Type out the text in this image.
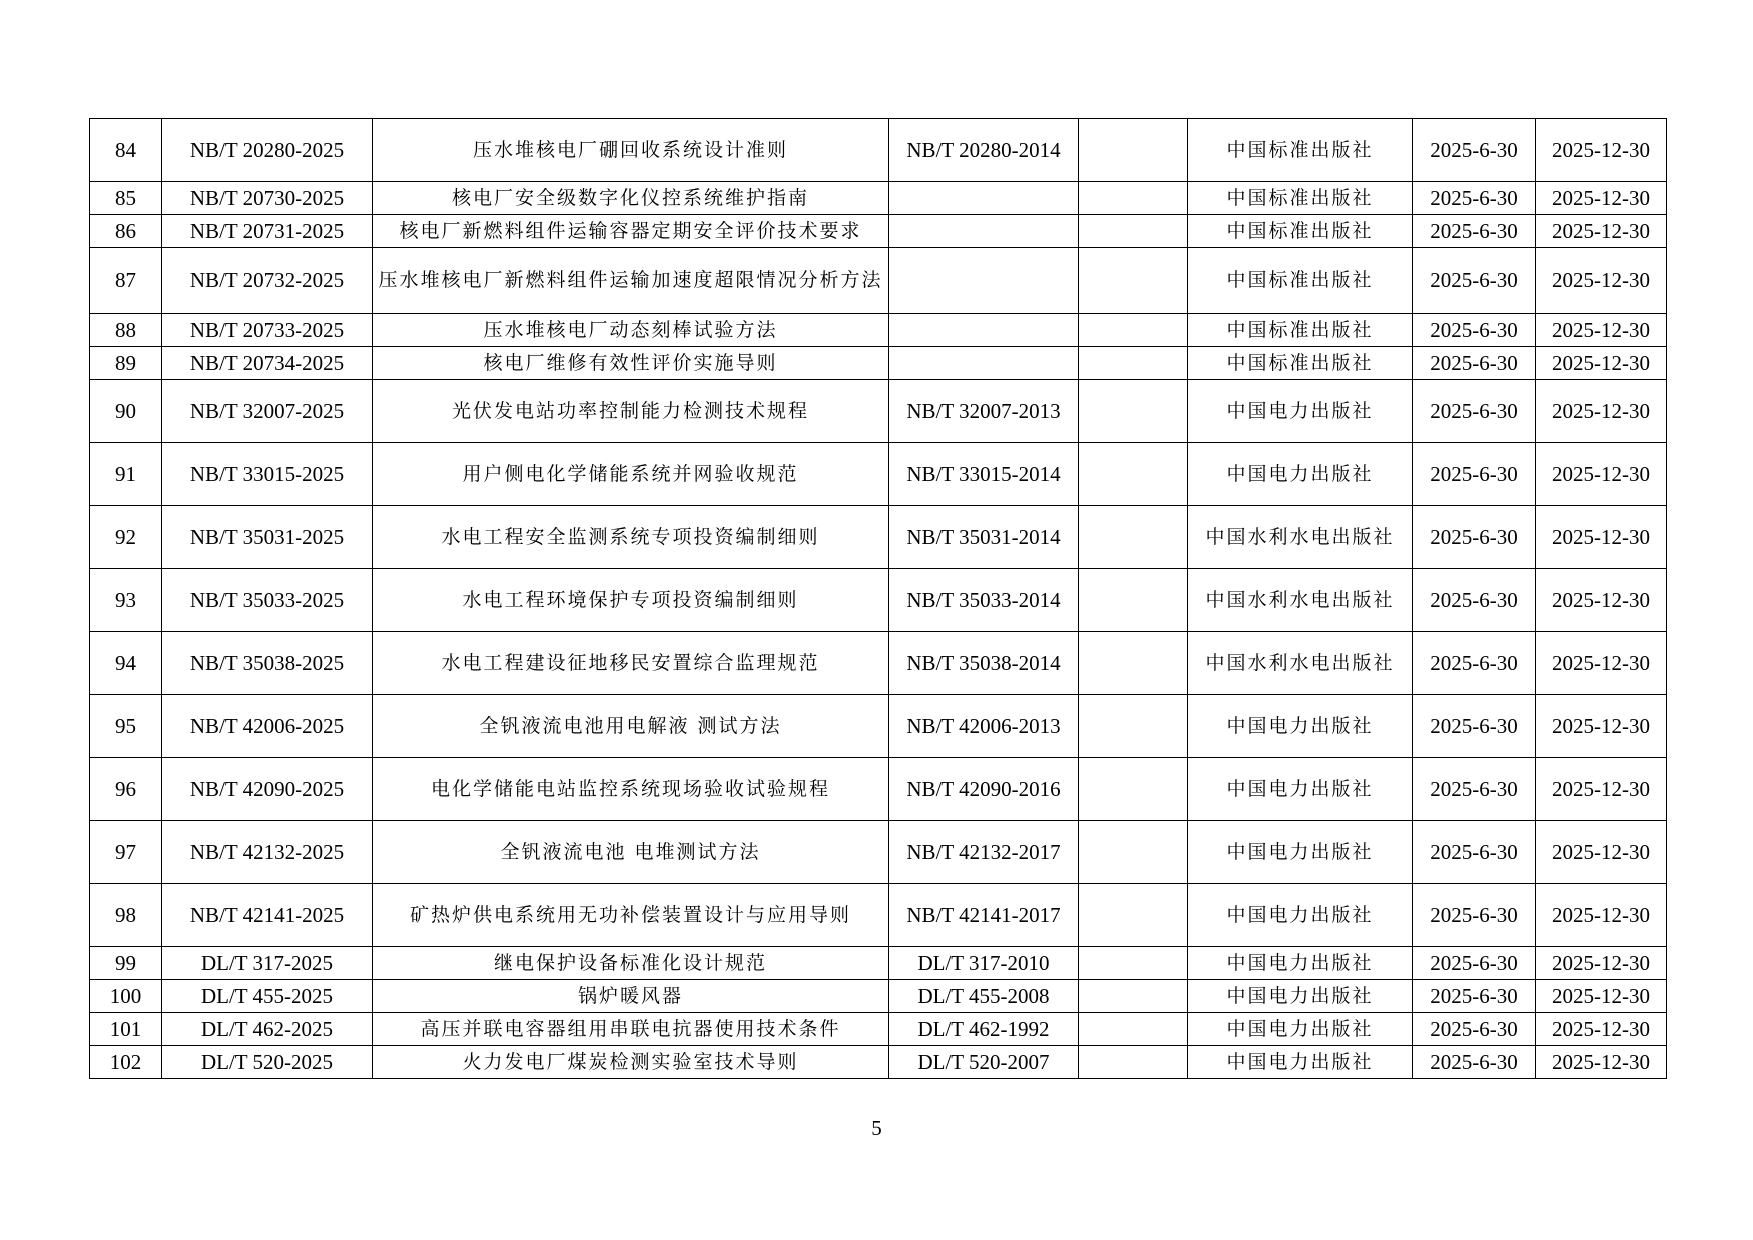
84	NB/T 20280-2025	压水堆核电厂硼回收系统设计准则	NB/T 20280-2014		中国标准出版社	2025-6-30	2025-12-30
85	NB/T 20730-2025	核电厂安全级数字化仪控系统维护指南			中国标准出版社	2025-6-30	2025-12-30
86	NB/T 20731-2025	核电厂新燃料组件运输容器定期安全评价技术要求			中国标准出版社	2025-6-30	2025-12-30
87	NB/T 20732-2025	压水堆核电厂新燃料组件运输加速度超限情况分析方法			中国标准出版社	2025-6-30	2025-12-30
88	NB/T 20733-2025	压水堆核电厂动态刻棒试验方法			中国标准出版社	2025-6-30	2025-12-30
89	NB/T 20734-2025	核电厂维修有效性评价实施导则			中国标准出版社	2025-6-30	2025-12-30
90	NB/T 32007-2025	光伏发电站功率控制能力检测技术规程	NB/T 32007-2013		中国电力出版社	2025-6-30	2025-12-30
91	NB/T 33015-2025	用户侧电化学储能系统并网验收规范	NB/T 33015-2014		中国电力出版社	2025-6-30	2025-12-30
92	NB/T 35031-2025	水电工程安全监测系统专项投资编制细则	NB/T 35031-2014		中国水利水电出版社	2025-6-30	2025-12-30
93	NB/T 35033-2025	水电工程环境保护专项投资编制细则	NB/T 35033-2014		中国水利水电出版社	2025-6-30	2025-12-30
94	NB/T 35038-2025	水电工程建设征地移民安置综合监理规范	NB/T 35038-2014		中国水利水电出版社	2025-6-30	2025-12-30
95	NB/T 42006-2025	全钒液流电池用电解液 测试方法	NB/T 42006-2013		中国电力出版社	2025-6-30	2025-12-30
96	NB/T 42090-2025	电化学储能电站监控系统现场验收试验规程	NB/T 42090-2016		中国电力出版社	2025-6-30	2025-12-30
97	NB/T 42132-2025	全钒液流电池 电堆测试方法	NB/T 42132-2017		中国电力出版社	2025-6-30	2025-12-30
98	NB/T 42141-2025	矿热炉供电系统用无功补偿装置设计与应用导则	NB/T 42141-2017		中国电力出版社	2025-6-30	2025-12-30
99	DL/T 317-2025	继电保护设备标准化设计规范	DL/T 317-2010		中国电力出版社	2025-6-30	2025-12-30
100	DL/T 455-2025	锅炉暖风器	DL/T 455-2008		中国电力出版社	2025-6-30	2025-12-30
101	DL/T 462-2025	高压并联电容器组用串联电抗器使用技术条件	DL/T 462-1992		中国电力出版社	2025-6-30	2025-12-30
102	DL/T 520-2025	火力发电厂煤炭检测实验室技术导则	DL/T 520-2007		中国电力出版社	2025-6-30	2025-12-30
5
